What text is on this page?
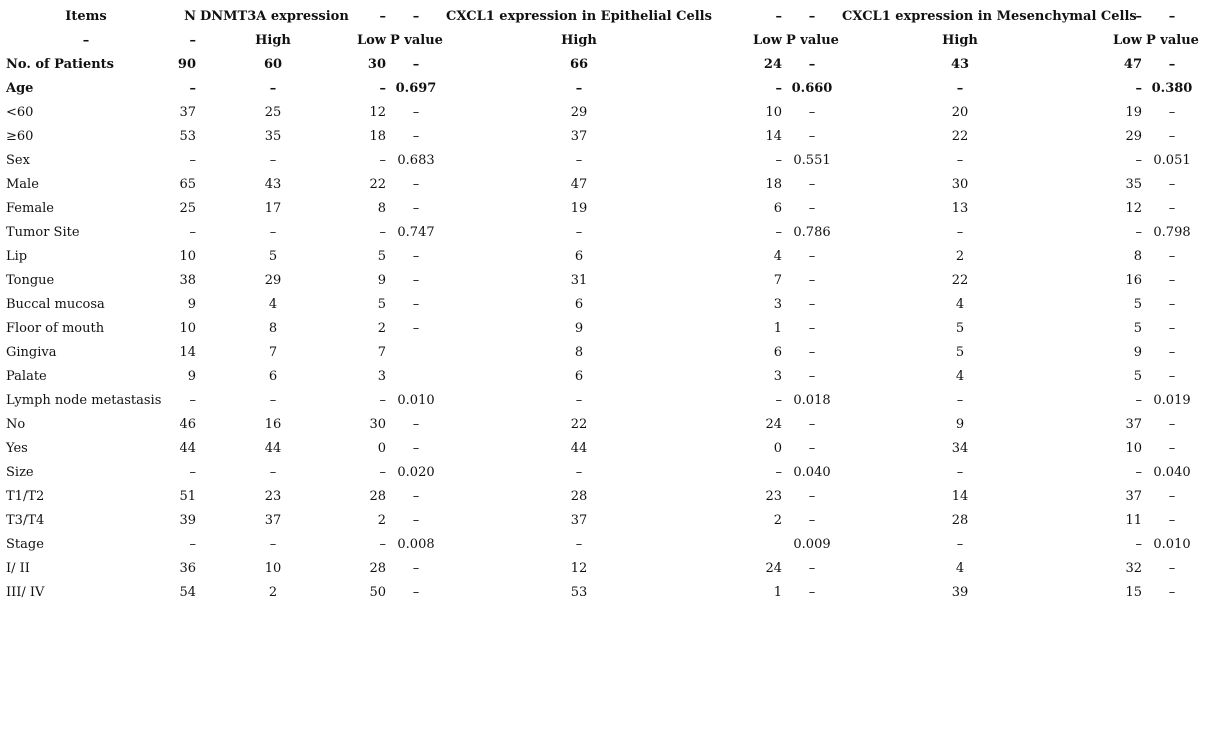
Items	N	DNMT3A expression	–	–	CXCL1 expression in Epithelial Cells	–	–	CXCL1 expression in Mesenchymal Cells	–	–
–	–	High	Low	P value	High	Low	P value	High	Low	P value
No. of Patients	90	60	30	–	66	24	–	43	47	–
Age	–	–	–	0.697	–	–	0.660	–	–	0.380
<60	37	25	12	–	29	10	–	20	19	–
≥60	53	35	18	–	37	14	–	22	29	–
Sex	–	–	–	0.683	–	–	0.551	–	–	0.051
Male	65	43	22	–	47	18	–	30	35	–
Female	25	17	8	–	19	6	–	13	12	–
Tumor Site	–	–	–	0.747	–	–	0.786	–	–	0.798
Lip	10	5	5	–	6	4	–	2	8	–
Tongue	38	29	9	–	31	7	–	22	16	–
Buccal mucosa	9	4	5	–	6	3	–	4	5	–
Floor of mouth	10	8	2	–	9	1	–	5	5	–
Gingiva	14	7	7		8	6	–	5	9	–
Palate	9	6	3		6	3	–	4	5	–
Lymph node metastasis	–	–	–	0.010	–	–	0.018	–	–	0.019
No	46	16	30	–	22	24	–	9	37	–
Yes	44	44	0	–	44	0	–	34	10	–
Size	–	–	–	0.020	–	–	0.040	–	–	0.040
T1/T2	51	23	28	–	28	23	–	14	37	–
T3/T4	39	37	2	–	37	2	–	28	11	–
Stage	–	–	–	0.008	–		0.009	–	–	0.010
I/ II	36	10	28	–	12	24	–	4	32	–
III/ IV	54	2	50	–	53	1	–	39	15	–
